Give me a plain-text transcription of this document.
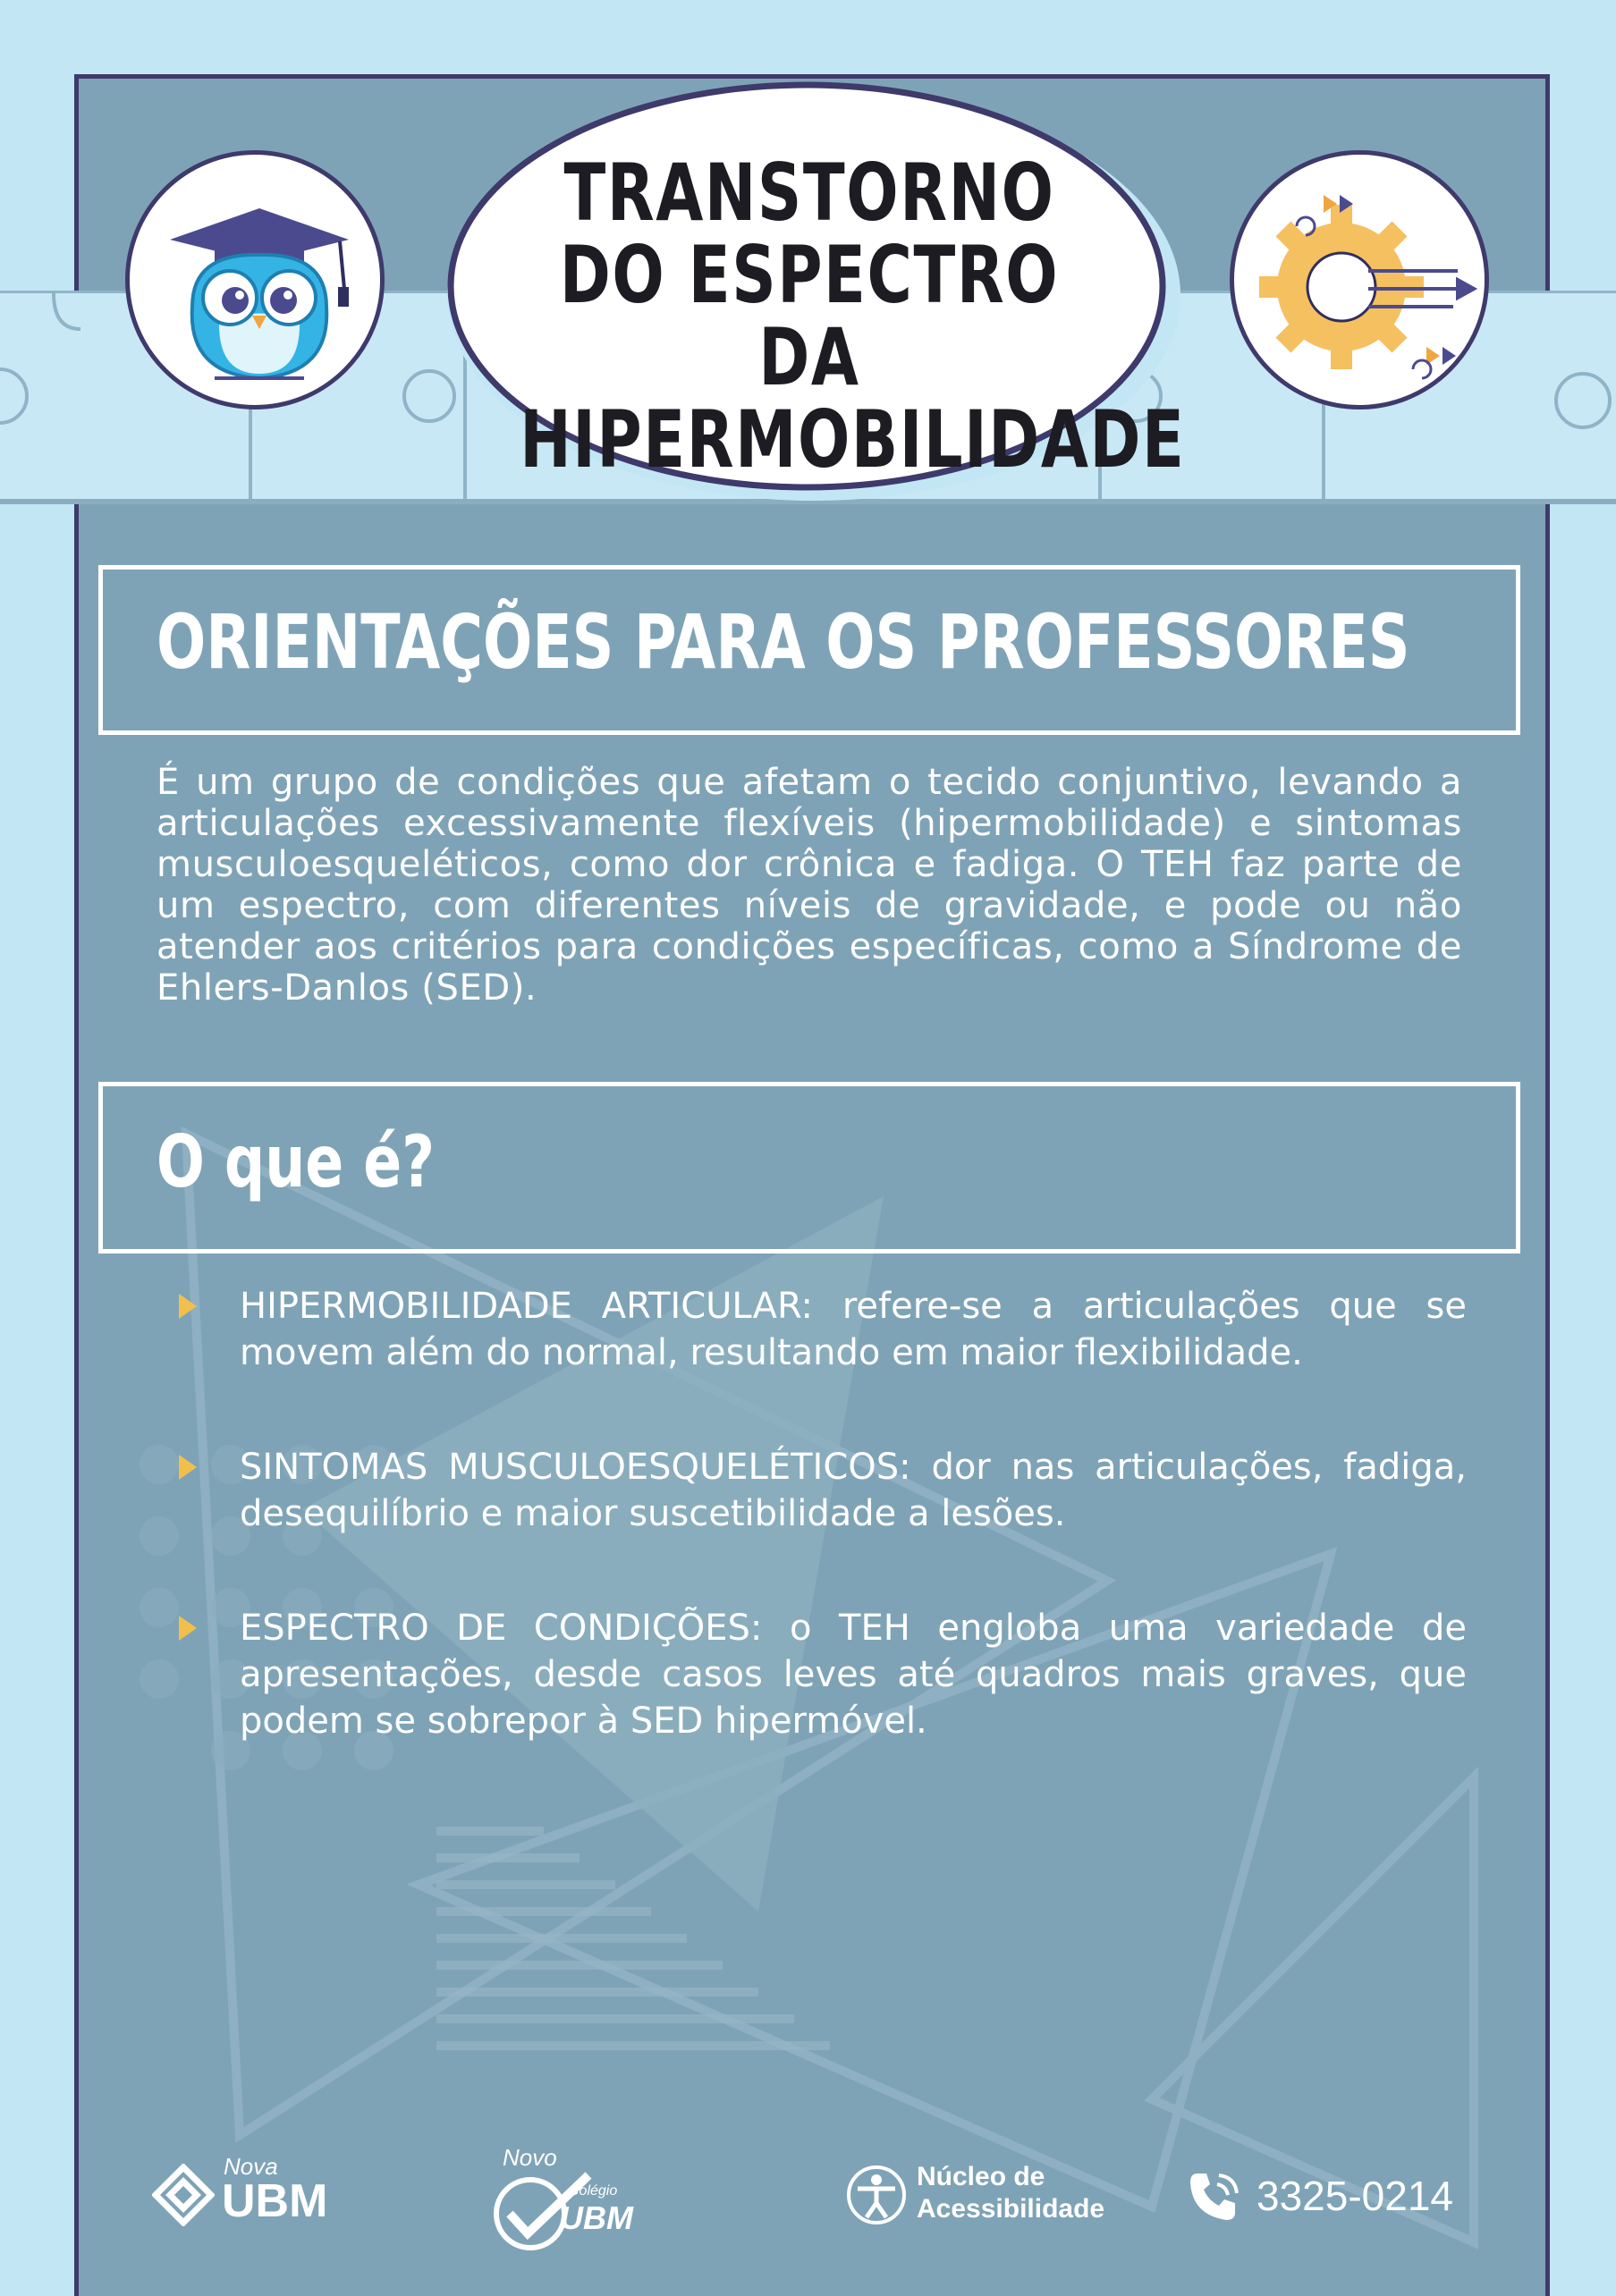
TRANSTORNO
DO ESPECTRO DA
HIPERMOBILIDADE
ORIENTAÇÕES PARA OS PROFESSORES

É um grupo de condições que afetam o tecido conjuntivo, levando a articulações excessivamente flexíveis (hipermobilidade) e sintomas musculoesqueléticos, como dor crônica e fadiga. O TEH faz parte de um espectro, com diferentes níveis de gravidade, e pode ou não atender aos critérios para condições específicas, como a Síndrome de Ehlers-Danlos (SED).

O que é?

HIPERMOBILIDADE ARTICULAR: refere-se a articulações que se movem além do normal, resultando em maior flexibilidade.

SINTOMAS MUSCULOESQUELÉTICOS: dor nas articulações, fadiga, desequilíbrio e maior suscetibilidade a lesões.

ESPECTRO DE CONDIÇÕES: o TEH engloba uma variedade de apresentações, desde casos leves até quadros mais graves, que podem se sobrepor à SED hipermóvel.

Nova
UBM
Novo
Colégio
UBM
Núcleo de
Acessibilidade	3325-0214
